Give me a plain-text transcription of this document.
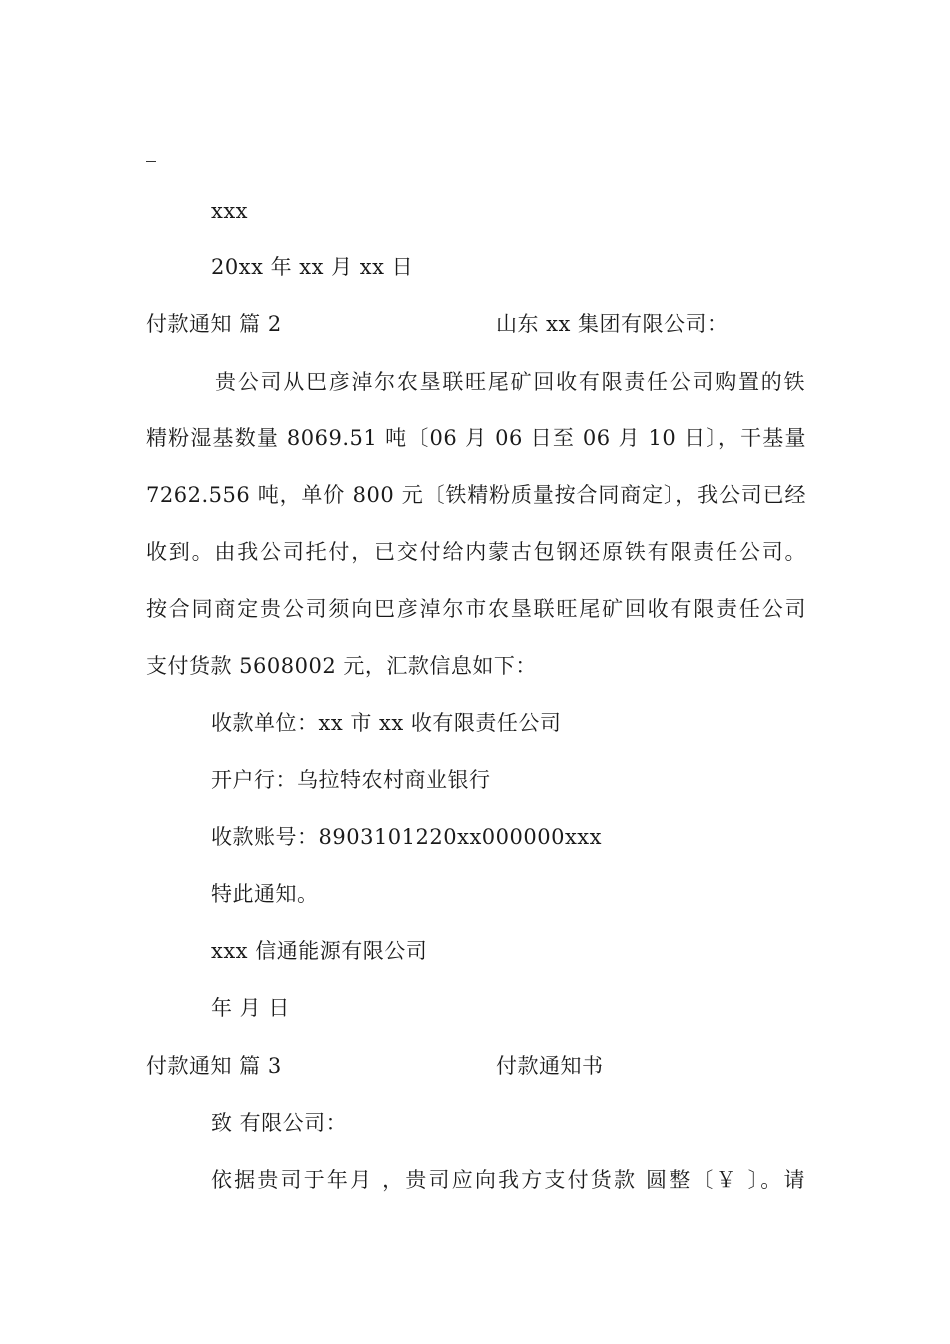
xxx
20xx 年 xx 月 xx 日
付款通知 篇 2	山东 xx 集团有限公司：
贵公司从巴彦淖尔农垦联旺尾矿回收有限责任公司购置的铁
精粉湿基数量 8069.51 吨〔06 月 06 日至 06 月 10 日〕，干基量
7262.556 吨，单价 800 元〔铁精粉质量按合同商定〕，我公司已经
收到。由我公司托付，已交付给内蒙古包钢还原铁有限责任公司。
按合同商定贵公司须向巴彦淖尔市农垦联旺尾矿回收有限责任公司
支付货款 5608002 元，汇款信息如下：
收款单位：xx 市 xx 收有限责任公司
开户行：乌拉特农村商业银行
收款账号：8903101220xx000000xxx
特此通知。
xxx 信通能源有限公司
年 月 日
付款通知 篇 3	付款通知书
致 有限公司：
依据贵司于年月 ，贵司应向我方支付货款 圆整〔￥ 〕。请
